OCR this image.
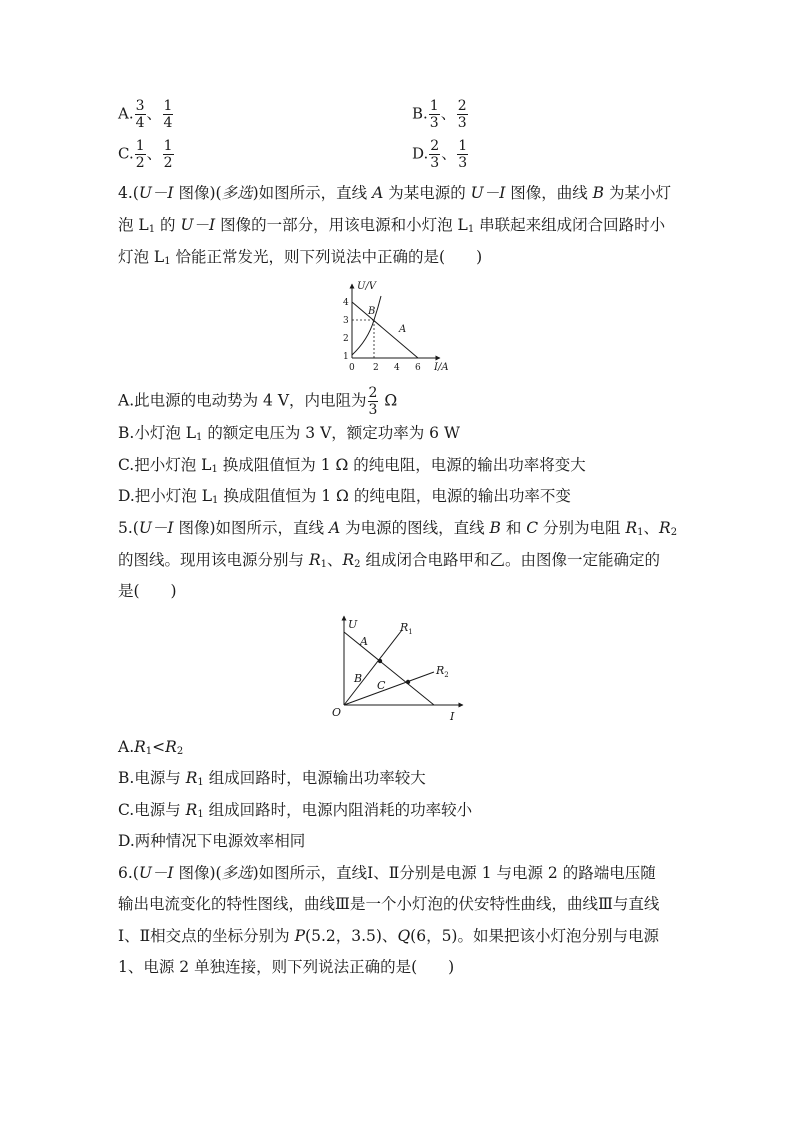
A. $\frac{3}{4}$ 、 $\frac{1}{4}$	B. $\frac{1}{3}$ 、 $\frac{2}{3}$
C. $\frac{1}{2}$ 、 $\frac{1}{2}$	D. $\frac{2}{3}$ 、 $\frac{1}{3}$
4.(U－I 图像)(多选)如图所示，直线 A 为某电源的 U－I 图像，曲线 B 为某小灯
泡 $L_1$ 的 U－I 图像的一部分，用该电源和小灯泡 $L_1$ 串联起来组成闭合回路时小
灯泡 $L_1$ 恰能正常发光，则下列说法中正确的是(　　)
U/V
I/A
4
3
2
1
0 2 4 6
B
A
A.此电源的电动势为 4 V，内电阻为 $\frac{2}{3}$ Ω
B.小灯泡 $L_1$ 的额定电压为 3 V，额定功率为 6 W
C.把小灯泡 $L_1$ 换成阻值恒为 1 Ω 的纯电阻，电源的输出功率将变大
D.把小灯泡 $L_1$ 换成阻值恒为 1 Ω 的纯电阻，电源的输出功率不变
5.(U－I 图像)如图所示，直线 A 为电源的图线，直线 B 和 C 分别为电阻 $R_1$、$R_2$
的图线。现用该电源分别与 $R_1$、$R_2$ 组成闭合电路甲和乙。由图像一定能确定的
是(　　)
U
I
O
A
B
C
$R_1$
$R_2$
$A.R_1<R_2$
B.电源与 $R_1$ 组成回路时，电源输出功率较大
C.电源与 $R_1$ 组成回路时，电源内阻消耗的功率较小
D.两种情况下电源效率相同
6.(U－I 图像)(多选)如图所示，直线Ⅰ、Ⅱ分别是电源 1 与电源 2 的路端电压随
输出电流变化的特性图线，曲线Ⅲ是一个小灯泡的伏安特性曲线，曲线Ⅲ与直线
Ⅰ、Ⅱ相交点的坐标分别为 P(5.2，3.5)、Q(6，5)。如果把该小灯泡分别与电源
1、电源 2 单独连接，则下列说法正确的是(　　)
